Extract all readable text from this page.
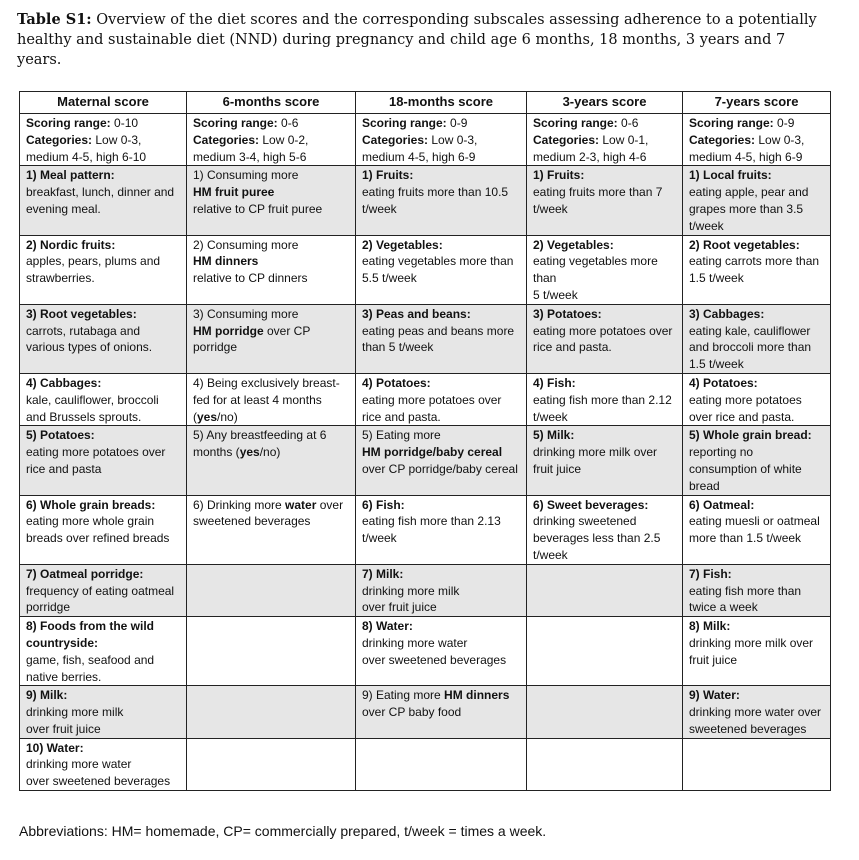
Table S1: Overview of the diet scores and the corresponding subscales assessing adherence to a potentially healthy and sustainable diet (NND) during pregnancy and child age 6 months, 18 months, 3 years and 7 years.
Maternal score	6-months score	18-months score	3-years score	7-years score
Scoring range: 0-10
Categories: Low 0-3, medium 4-5, high 6-10	Scoring range: 0-6
Categories: Low 0-2, medium 3-4, high 5-6	Scoring range: 0-9
Categories: Low 0-3, medium 4-5, high 6-9	Scoring range: 0-6
Categories: Low 0-1, medium 2-3, high 4-6	Scoring range: 0-9
Categories: Low 0-3, medium 4-5, high 6-9

1) Meal pattern:
breakfast, lunch, dinner and evening meal.	1) Consuming more
HM fruit puree
relative to CP fruit puree	1) Fruits:
eating fruits more than 10.5 t/week	1) Fruits:
eating fruits more than 7 t/week	1) Local fruits:
eating apple, pear and grapes more than 3.5 t/week

2) Nordic fruits:
apples, pears, plums and strawberries.	2) Consuming more
HM dinners
relative to CP dinners	2) Vegetables:
eating vegetables more than
5.5 t/week	2) Vegetables:
eating vegetables more than
5 t/week	2) Root vegetables:
eating carrots more than 1.5 t/week

3) Root vegetables:
carrots, rutabaga and various types of onions.	3) Consuming more
HM porridge over CP porridge	3) Peas and beans:
eating peas and beans more than 5 t/week	3) Potatoes:
eating more potatoes over rice and pasta.	3) Cabbages:
eating kale, cauliflower and broccoli more than 1.5 t/week

4) Cabbages:
kale, cauliflower, broccoli and Brussels sprouts.	4) Being exclusively breast-fed for at least 4 months (yes/no)	4) Potatoes:
eating more potatoes over rice and pasta.	4) Fish:
eating fish more than 2.12 t/week	4) Potatoes:
eating more potatoes over rice and pasta.

5) Potatoes:
eating more potatoes over rice and pasta	5) Any breastfeeding at 6 months (yes/no)	5) Eating more
HM porridge/baby cereal
over CP porridge/baby cereal	5) Milk:
drinking more milk over fruit juice	5) Whole grain bread:
reporting no consumption of white bread

6) Whole grain breads:
eating more whole grain breads over refined breads	6) Drinking more water over sweetened beverages	6) Fish:
eating fish more than 2.13 t/week	6) Sweet beverages:
drinking sweetened beverages less than 2.5 t/week	6) Oatmeal:
eating muesli or oatmeal more than 1.5 t/week

7) Oatmeal porridge:
frequency of eating oatmeal porridge		7) Milk:
drinking more milk
over fruit juice		7) Fish:
eating fish more than twice a week

8) Foods from the wild countryside:
game, fish, seafood and native berries.		8) Water:
drinking more water
over sweetened beverages		8) Milk:
drinking more milk over fruit juice

9) Milk:
drinking more milk
over fruit juice		9) Eating more HM dinners
over CP baby food		9) Water:
drinking more water over sweetened beverages

10) Water:
drinking more water
over sweetened beverages				
Abbreviations: HM= homemade, CP= commercially prepared, t/week = times a week.
